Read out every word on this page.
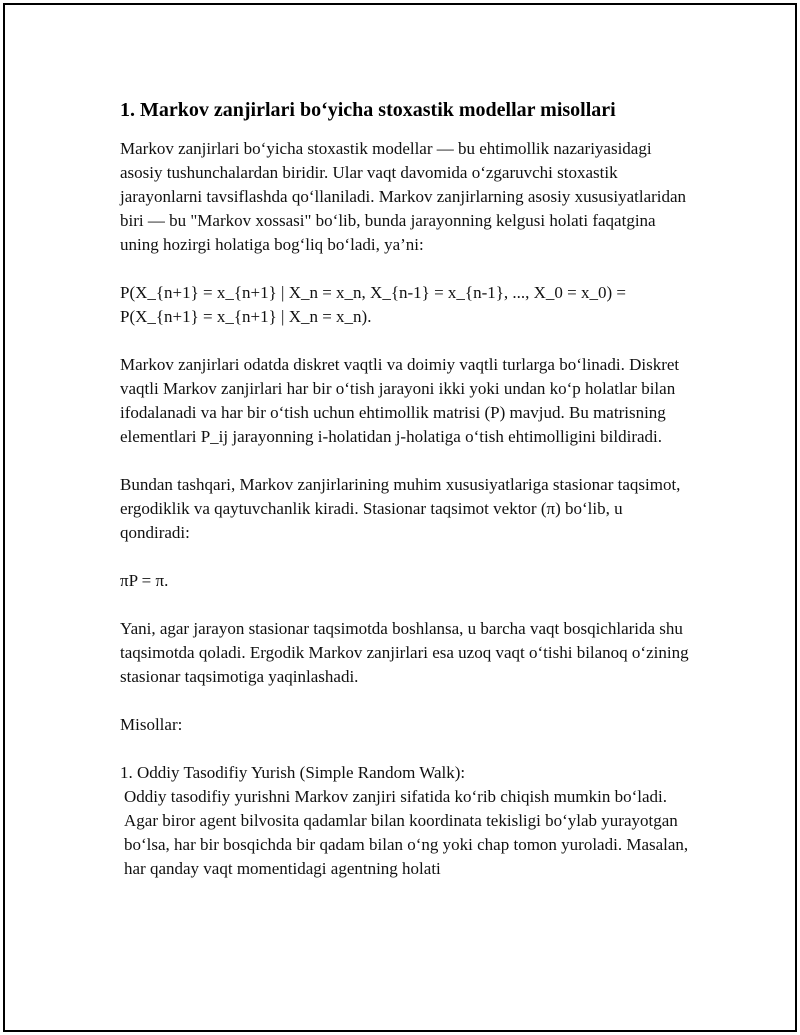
1. Markov zanjirlari bo‘yicha stoxastik modellar misollari

Markov zanjirlari bo‘yicha stoxastik modellar — bu ehtimollik nazariyasidagi asosiy tushunchalardan biridir. Ular vaqt davomida o‘zgaruvchi stoxastik jarayonlarni tavsiflashda qo‘llaniladi. Markov zanjirlarning asosiy xususiyatlaridan biri — bu "Markov xossasi" bo‘lib, bunda jarayonning kelgusi holati faqatgina uning hozirgi holatiga bog‘liq bo‘ladi, ya’ni:

P(X_{n+1} = x_{n+1} | X_n = x_n, X_{n-1} = x_{n-1}, ..., X_0 = x_0) = P(X_{n+1} = x_{n+1} | X_n = x_n).

Markov zanjirlari odatda diskret vaqtli va doimiy vaqtli turlarga bo‘linadi. Diskret vaqtli Markov zanjirlari har bir o‘tish jarayoni ikki yoki undan ko‘p holatlar bilan ifodalanadi va har bir o‘tish uchun ehtimollik matrisi (P) mavjud. Bu matrisning elementlari P_ij jarayonning i-holatidan j-holatiga o‘tish ehtimolligini bildiradi.

Bundan tashqari, Markov zanjirlarining muhim xususiyatlariga stasionar taqsimot, ergodiklik va qaytuvchanlik kiradi. Stasionar taqsimot vektor (π) bo‘lib, u qondiradi:

πP = π.

Yani, agar jarayon stasionar taqsimotda boshlansa, u barcha vaqt bosqichlarida shu taqsimotda qoladi. Ergodik Markov zanjirlari esa uzoq vaqt o‘tishi bilanoq o‘zining stasionar taqsimotiga yaqinlashadi.

Misollar:

1. Oddiy Tasodifiy Yurish (Simple Random Walk):

Oddiy tasodifiy yurishni Markov zanjiri sifatida ko‘rib chiqish mumkin bo‘ladi. Agar biror agent bilvosita qadamlar bilan koordinata tekisligi bo‘ylab yurayotgan bo‘lsa, har bir bosqichda bir qadam bilan o‘ng yoki chap tomon yuroladi. Masalan, har qanday vaqt momentidagi agentning holati
